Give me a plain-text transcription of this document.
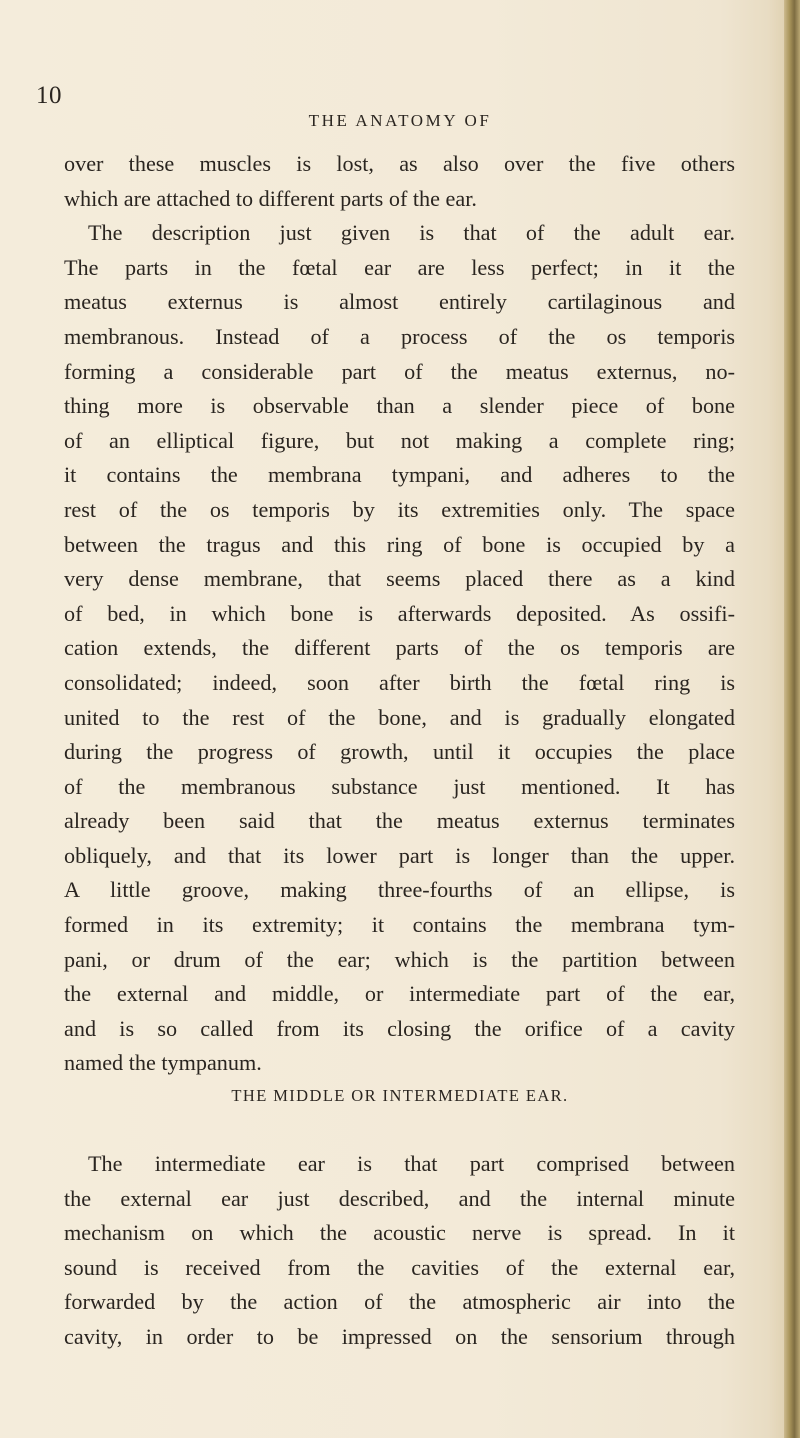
10
THE ANATOMY OF
over these muscles is lost, as also over the five others
which are attached to different parts of the ear.
The description just given is that of the adult ear.
The parts in the fœtal ear are less perfect; in it the
meatus externus is almost entirely cartilaginous and
membranous. Instead of a process of the os temporis
forming a considerable part of the meatus externus, no-
thing more is observable than a slender piece of bone
of an elliptical figure, but not making a complete ring;
it contains the membrana tympani, and adheres to the
rest of the os temporis by its extremities only. The space
between the tragus and this ring of bone is occupied by a
very dense membrane, that seems placed there as a kind
of bed, in which bone is afterwards deposited. As ossifi-
cation extends, the different parts of the os temporis are
consolidated; indeed, soon after birth the fœtal ring is
united to the rest of the bone, and is gradually elongated
during the progress of growth, until it occupies the place
of the membranous substance just mentioned. It has
already been said that the meatus externus terminates
obliquely, and that its lower part is longer than the upper.
A little groove, making three-fourths of an ellipse, is
formed in its extremity; it contains the membrana tym-
pani, or drum of the ear; which is the partition between
the external and middle, or intermediate part of the ear,
and is so called from its closing the orifice of a cavity
named the tympanum.
THE MIDDLE OR INTERMEDIATE EAR.
The intermediate ear is that part comprised between
the external ear just described, and the internal minute
mechanism on which the acoustic nerve is spread. In it
sound is received from the cavities of the external ear,
forwarded by the action of the atmospheric air into the
cavity, in order to be impressed on the sensorium through
